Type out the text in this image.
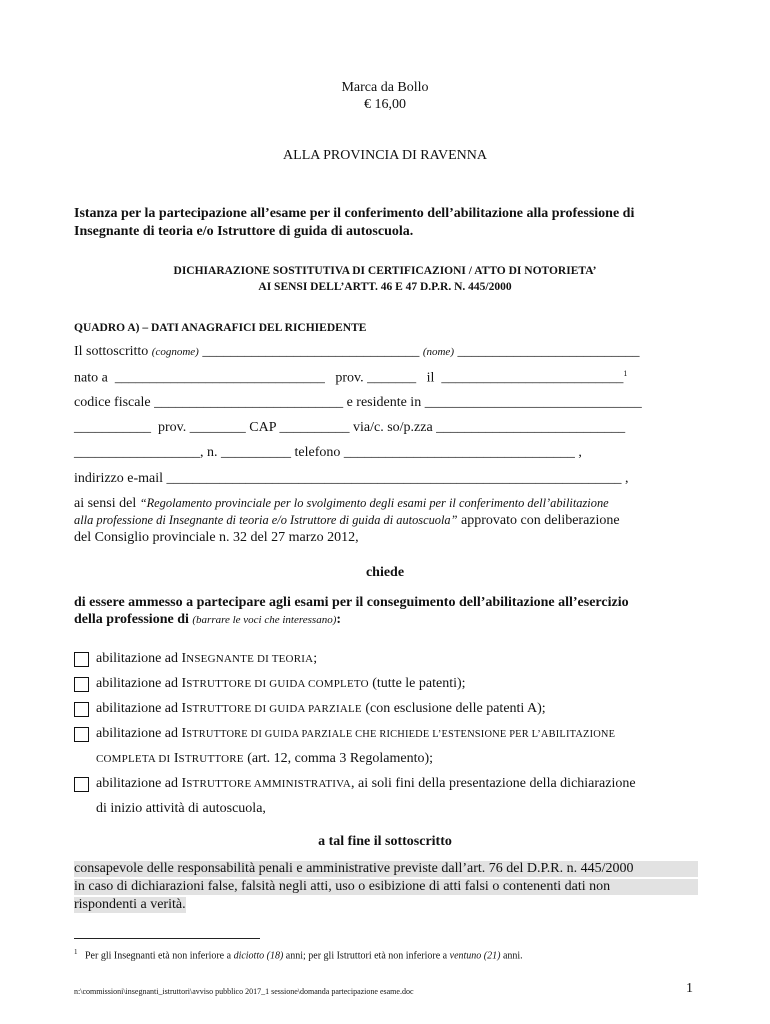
Marca da Bollo
€ 16,00
ALLA PROVINCIA DI RAVENNA
Istanza per la partecipazione all’esame per il conferimento dell’abilitazione alla professione di
Insegnante di teoria e/o Istruttore di guida di autoscuola.
DICHIARAZIONE SOSTITUTIVA DI CERTIFICAZIONI / ATTO DI NOTORIETA’
AI SENSI DELL’ARTT. 46 E 47 D.P.R. N. 445/2000
QUADRO A) – DATI ANAGRAFICI DEL RICHIEDENTE
Il sottoscritto (cognome) _______________________________ (nome) __________________________
nato a ______________________________ prov. _______ il __________________________$^1$
codice fiscale ___________________________ e residente in _______________________________
___________ prov. ________ CAP __________ via/c. so/p.zza ___________________________
__________________, n. __________ telefono _________________________________ ,
indirizzo e-mail _____________________________________________________________________ ,
ai sensi del “Regolamento provinciale per lo svolgimento degli esami per il conferimento dell’abilitazione
alla professione di Insegnante di teoria e/o Istruttore di guida di autoscuola” approvato con deliberazione
del Consiglio provinciale n. 32 del 27 marzo 2012,
chiede
di essere ammesso a partecipare agli esami per il conseguimento dell’abilitazione all’esercizio
della professione di (barrare le voci che interessano):
abilitazione ad
I NSEGNANTE DI TEORIA ;
abilitazione ad
I STRUTTORE DI GUIDA COMPLETO
(tutte le patenti);
abilitazione ad
I STRUTTORE DI GUIDA PARZIALE
(con esclusione delle patenti A);
abilitazione ad
I STRUTTORE DI GUIDA PARZIALE CHE RICHIEDE L’ESTENSIONE PER L’ABILITAZIONE
COMPLETA DI ISTRUTTORE (art. 12, comma 3 Regolamento);
abilitazione ad
I STRUTTORE AMMINISTRATIVA , ai soli fini della presentazione della dichiarazione
di inizio attività di autoscuola,
a tal fine il sottoscritto
consapevole delle responsabilità penali e amministrative previste dall’art. 76 del D.P.R. n. 445/2000
in caso di dichiarazioni false, falsità negli atti, uso o esibizione di atti falsi o contenenti dati non
rispondenti a verità.
$^1$ Per gli Insegnanti età non inferiore a diciotto (18) anni; per gli Istruttori età non inferiore a ventuno (21) anni.
n:\commissioni\insegnanti_istruttori\avviso pubblico 2017_1 sessione\domanda partecipazione esame.doc	1
